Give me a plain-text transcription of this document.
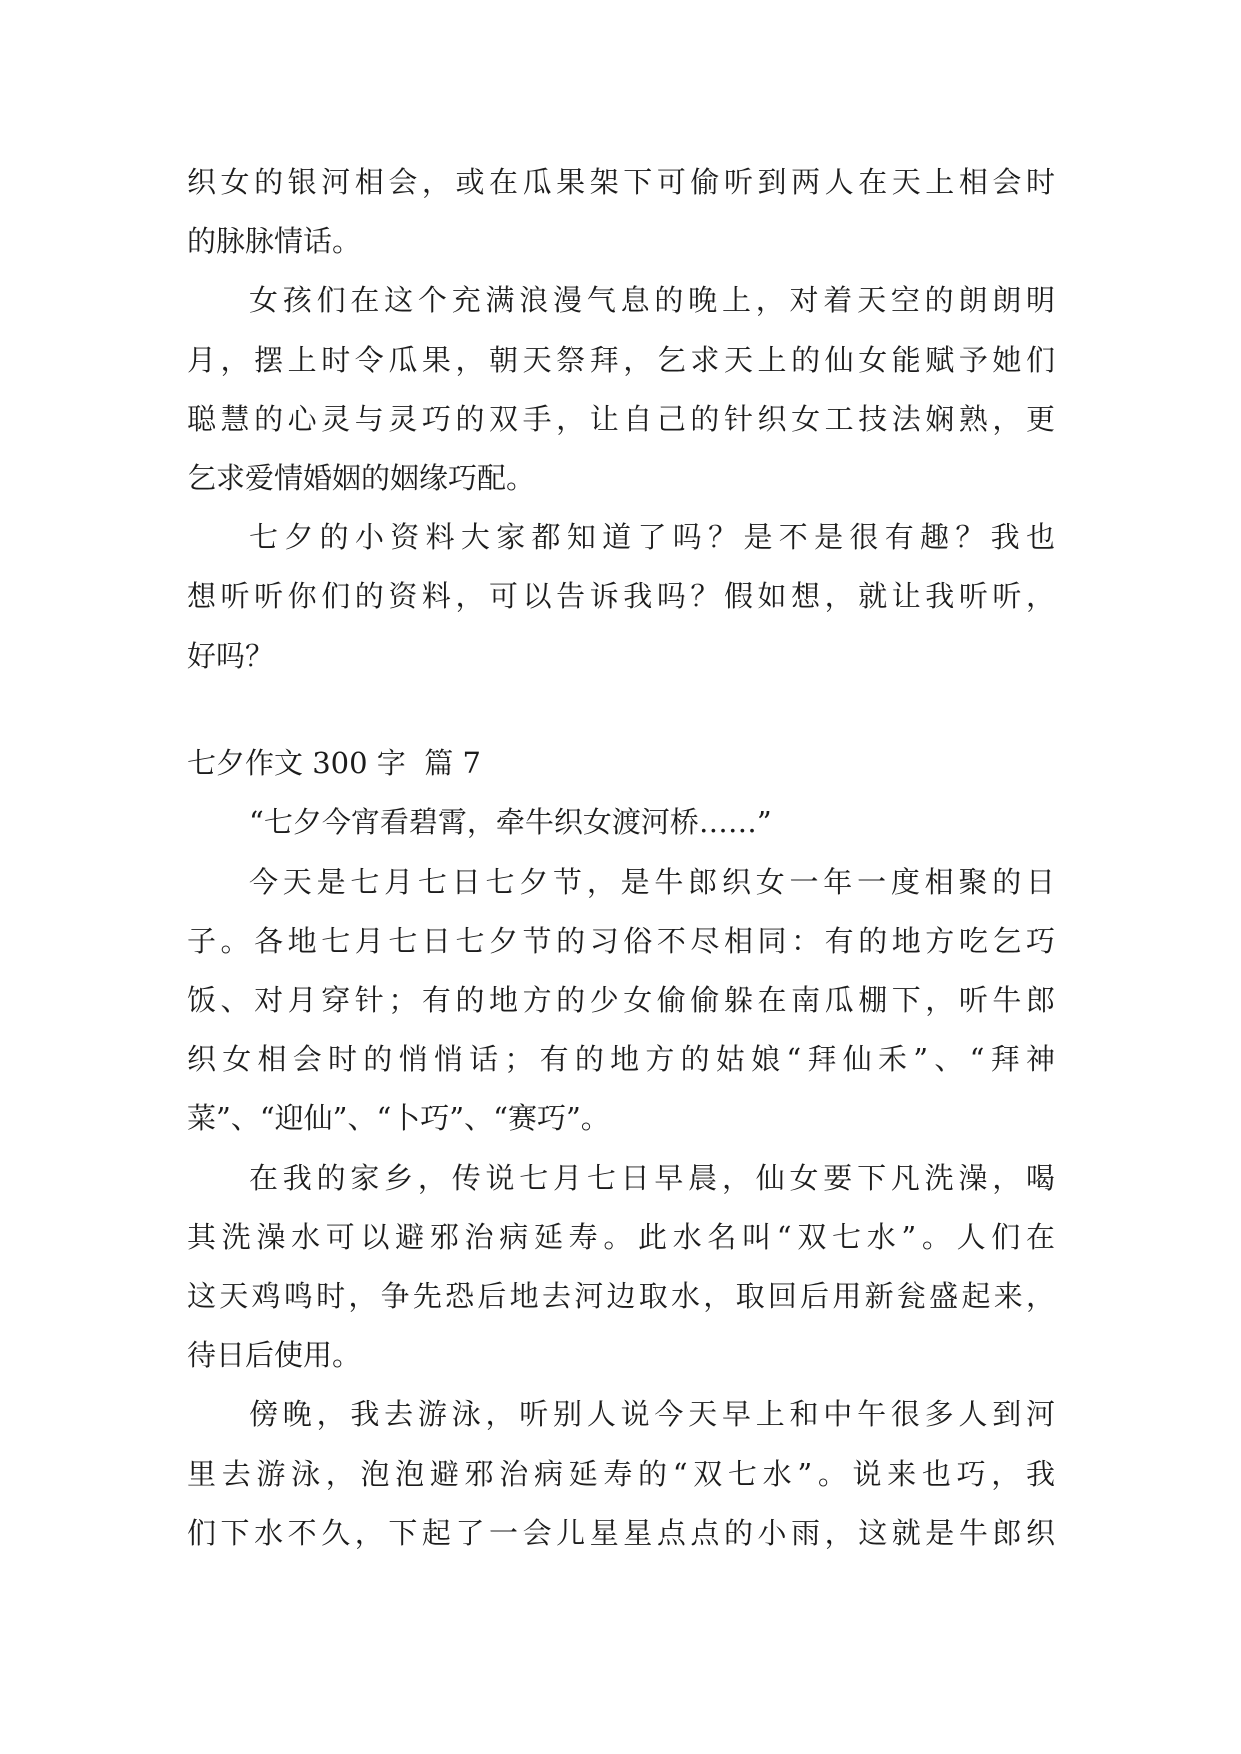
织女的银河相会，或在瓜果架下可偷听到两人在天上相会时
的脉脉情话。
女孩们在这个充满浪漫气息的晚上，对着天空的朗朗明
月，摆上时令瓜果，朝天祭拜，乞求天上的仙女能赋予她们
聪慧的心灵与灵巧的双手，让自己的针织女工技法娴熟，更
乞求爱情婚姻的姻缘巧配。
七夕的小资料大家都知道了吗？是不是很有趣？我也
想听听你们的资料，可以告诉我吗？假如想，就让我听听，
好吗？
七夕作文 300 字  篇 7
“七夕今宵看碧霄，牵牛织女渡河桥……”
今天是七月七日七夕节，是牛郎织女一年一度相聚的日
子。各地七月七日七夕节的习俗不尽相同：有的地方吃乞巧
饭、对月穿针；有的地方的少女偷偷躲在南瓜棚下，听牛郎
织女相会时的悄悄话；有的地方的姑娘“拜仙禾”、“拜神
菜”、“迎仙”、“卜巧”、“赛巧”。
在我的家乡，传说七月七日早晨，仙女要下凡洗澡，喝
其洗澡水可以避邪治病延寿。此水名叫“双七水”。人们在
这天鸡鸣时，争先恐后地去河边取水，取回后用新瓮盛起来，
待日后使用。
傍晚，我去游泳，听别人说今天早上和中午很多人到河
里去游泳，泡泡避邪治病延寿的“双七水”。说来也巧，我
们下水不久，下起了一会儿星星点点的小雨，这就是牛郎织
